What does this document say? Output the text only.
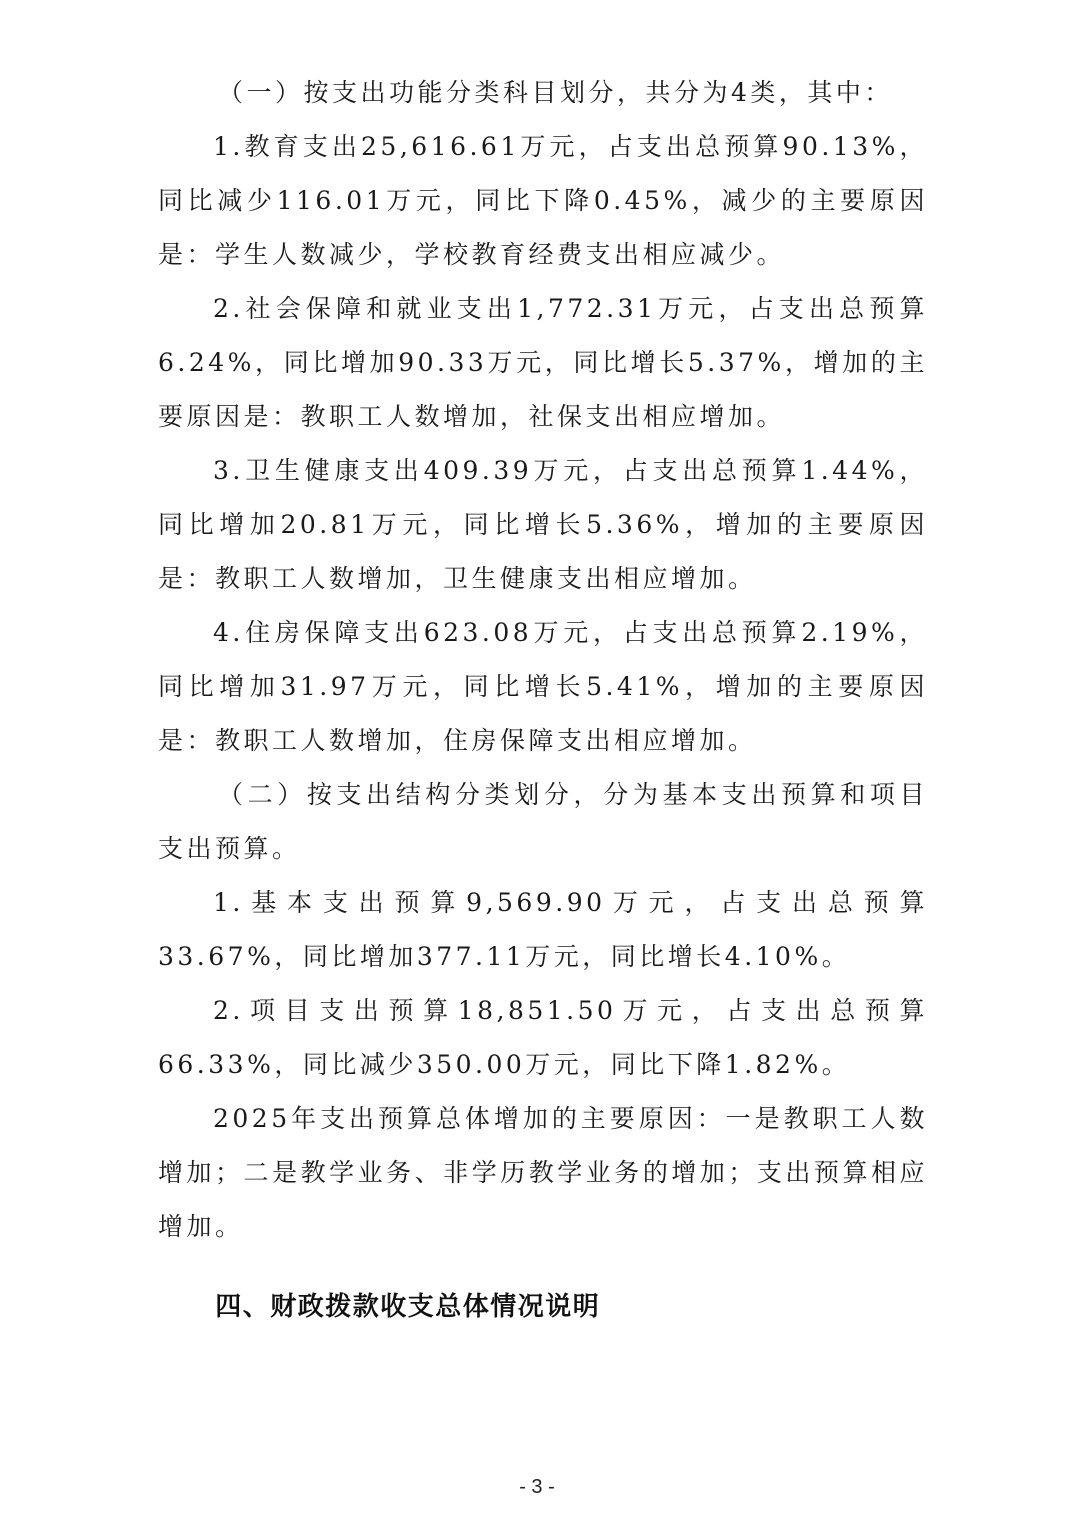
（一）按支出功能分类科目划分，共分为4类，其中：

1.教育支出25,616.61万元，占支出总预算90.13%，同比减少116.01万元，同比下降0.45%，减少的主要原因是：学生人数减少，学校教育经费支出相应减少。

2.社会保障和就业支出1,772.31万元，占支出总预算6.24%，同比增加90.33万元，同比增长5.37%，增加的主要原因是：教职工人数增加，社保支出相应增加。

3.卫生健康支出409.39万元，占支出总预算1.44%，同比增加20.81万元，同比增长5.36%，增加的主要原因是：教职工人数增加，卫生健康支出相应增加。

4.住房保障支出623.08万元，占支出总预算2.19%，同比增加31.97万元，同比增长5.41%，增加的主要原因是：教职工人数增加，住房保障支出相应增加。

（二）按支出结构分类划分，分为基本支出预算和项目支出预算。

1.基本支出预算9,569.90万元，占支出总预算33.67%，同比增加377.11万元，同比增长4.10%。

2.项目支出预算18,851.50万元，占支出总预算66.33%，同比减少350.00万元，同比下降1.82%。

2025年支出预算总体增加的主要原因：一是教职工人数增加；二是教学业务、非学历教学业务的增加；支出预算相应增加。

四、财政拨款收支总体情况说明
- 3 -
